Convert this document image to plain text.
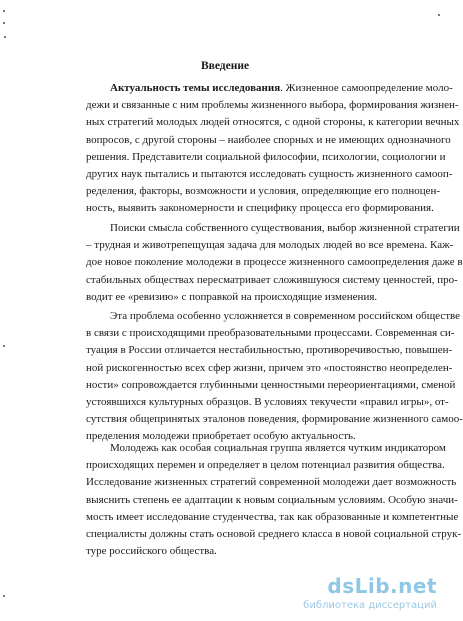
Введение
Актуальность темы исследования. Жизненное самоопределение моло-
дежи и связанные с ним проблемы жизненного выбора, формирования жизнен-
ных стратегий молодых людей относятся, с одной стороны, к категории вечных
вопросов, с другой стороны – наиболее спорных и не имеющих однозначного
решения. Представители социальной философии, психологии, социологии и
других наук пытались и пытаются исследовать сущность жизненного самооп-
ределения, факторы, возможности и условия, определяющие его полноцен-
ность, выявить закономерности и специфику процесса его формирования.
Поиски смысла собственного существования, выбор жизненной стратегии
– трудная и животрепещущая задача для молодых людей во все времена. Каж-
дое новое поколение молодежи в процессе жизненного самоопределения даже в
стабильных обществах пересматривает сложившуюся систему ценностей, про-
водит ее «ревизию» с поправкой на происходящие изменения.
Эта проблема особенно усложняется в современном российском обществе
в связи с происходящими преобразовательными процессами. Современная си-
туация в России отличается нестабильностью, противоречивостью, повышен-
ной рискогенностью всех сфер жизни, причем это «постоянство неопределен-
ности» сопровождается глубинными ценностными переориентациями, сменой
устоявшихся культурных образцов. В условиях текучести «правил игры», от-
сутствия общепринятых эталонов поведения, формирование жизненного самоо-
пределения молодежи приобретает особую актуальность.
Молодежь как особая социальная группа является чутким индикатором
происходящих перемен и определяет в целом потенциал развития общества.
Исследование жизненных стратегий современной молодежи дает возможность
выяснить степень ее адаптации к новым социальным условиям. Особую значи-
мость имеет исследование студенчества, так как образованные и компетентные
специалисты должны стать основой среднего класса в новой социальной струк-
туре российского общества.
dsLib.net
библиотека диссертаций
